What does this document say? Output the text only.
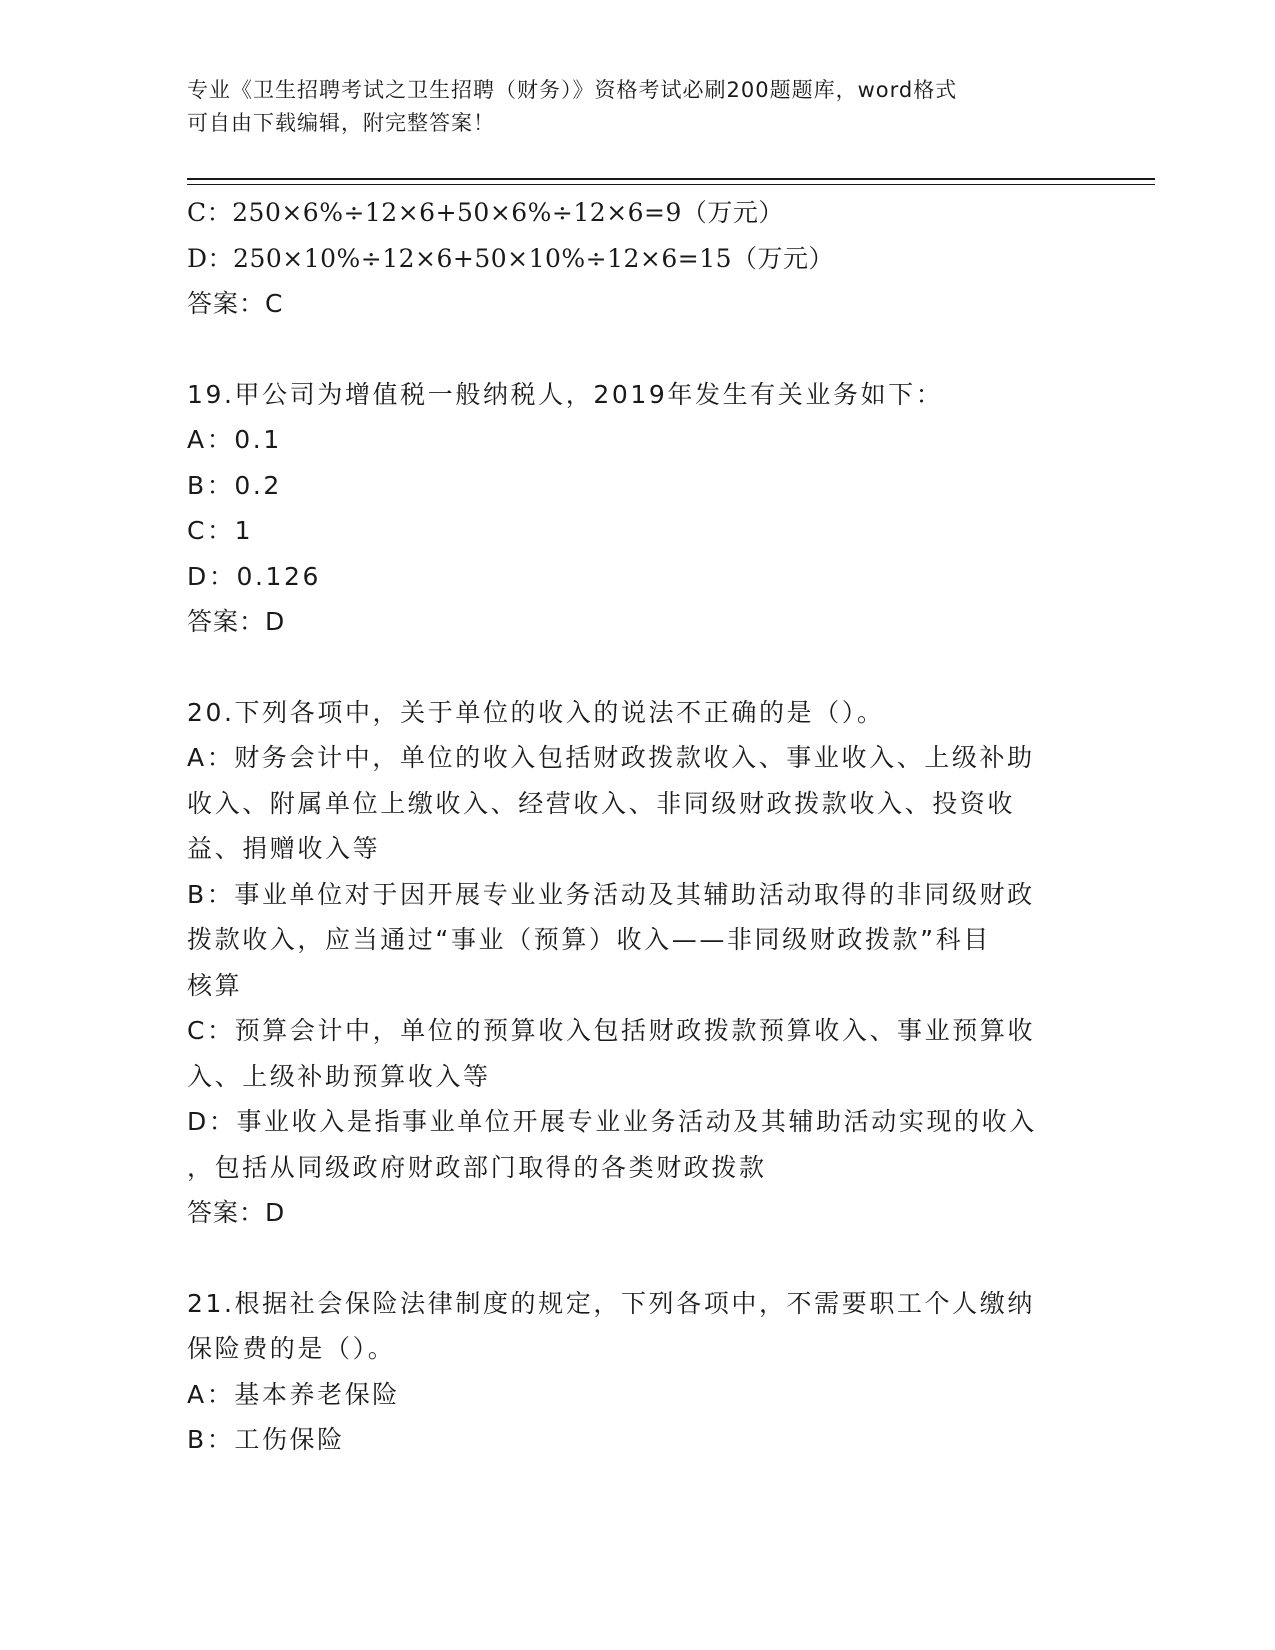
专业《卫生招聘考试之卫生招聘（财务）》资格考试必刷200题题库，word格式
可自由下载编辑，附完整答案！

C：250×6%÷12×6+50×6%÷12×6=9（万元）

D：250×10%÷12×6+50×10%÷12×6=15（万元）

答案：C

19.甲公司为增值税一般纳税人，2019年发生有关业务如下：

A：0.1

B：0.2

C：1

D：0.126

答案：D

20.下列各项中，关于单位的收入的说法不正确的是（）。

A：财务会计中，单位的收入包括财政拨款收入、事业收入、上级补助

收入、附属单位上缴收入、经营收入、非同级财政拨款收入、投资收

益、捐赠收入等

B：事业单位对于因开展专业业务活动及其辅助活动取得的非同级财政

拨款收入，应当通过“事业（预算）收入——非同级财政拨款”科目

核算

C：预算会计中，单位的预算收入包括财政拨款预算收入、事业预算收

入、上级补助预算收入等

D：事业收入是指事业单位开展专业业务活动及其辅助活动实现的收入

，包括从同级政府财政部门取得的各类财政拨款

答案：D

21.根据社会保险法律制度的规定，下列各项中，不需要职工个人缴纳

保险费的是（）。

A：基本养老保险

B：工伤保险
